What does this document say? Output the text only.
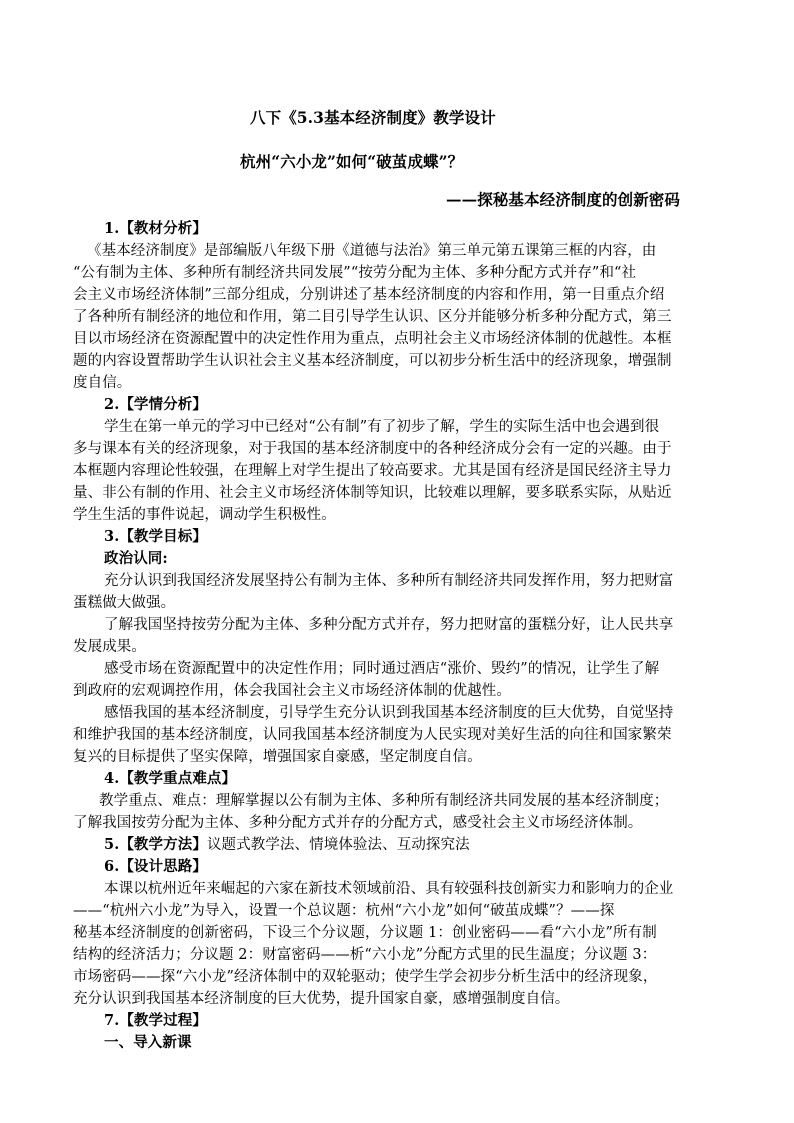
八下《5.3基本经济制度》教学设计
杭州“六小龙”如何“破茧成蝶”？
——探秘基本经济制度的创新密码
1.【教材分析】
《基本经济制度》是部编版八年级下册《道德与法治》第三单元第五课第三框的内容，由
“公有制为主体、多种所有制经济共同发展”“按劳分配为主体、多种分配方式并存”和“社
会主义市场经济体制”三部分组成，分别讲述了基本经济制度的内容和作用，第一目重点介绍
了各种所有制经济的地位和作用，第二目引导学生认识、区分并能够分析多种分配方式，第三
目以市场经济在资源配置中的决定性作用为重点，点明社会主义市场经济体制的优越性。本框
题的内容设置帮助学生认识社会主义基本经济制度，可以初步分析生活中的经济现象，增强制
度自信。
2.【学情分析】
学生在第一单元的学习中已经对“公有制”有了初步了解，学生的实际生活中也会遇到很
多与课本有关的经济现象，对于我国的基本经济制度中的各种经济成分会有一定的兴趣。由于
本框题内容理论性较强，在理解上对学生提出了较高要求。尤其是国有经济是国民经济主导力
量、非公有制的作用、社会主义市场经济体制等知识，比较难以理解，要多联系实际，从贴近
学生生活的事件说起，调动学生积极性。
3.【教学目标】
政治认同:
充分认识到我国经济发展坚持公有制为主体、多种所有制经济共同发挥作用，努力把财富
蛋糕做大做强。
了解我国坚持按劳分配为主体、多种分配方式并存，努力把财富的蛋糕分好，让人民共享
发展成果。
感受市场在资源配置中的决定性作用；同时通过酒店“涨价、毁约”的情况，让学生了解
到政府的宏观调控作用，体会我国社会主义市场经济体制的优越性。
感悟我国的基本经济制度，引导学生充分认识到我国基本经济制度的巨大优势，自觉坚持
和维护我国的基本经济制度，认同我国基本经济制度为人民实现对美好生活的向往和国家繁荣
复兴的目标提供了坚实保障，增强国家自豪感，坚定制度自信。
4.【教学重点难点】
教学重点、难点：理解掌握以公有制为主体、多种所有制经济共同发展的基本经济制度；
了解我国按劳分配为主体、多种分配方式并存的分配方式，感受社会主义市场经济体制。
5.【教学方法】议题式教学法、情境体验法、互动探究法
6.【设计思路】
本课以杭州近年来崛起的六家在新技术领域前沿、具有较强科技创新实力和影响力的企业
——“杭州六小龙”为导入，设置一个总议题：杭州“六小龙”如何“破茧成蝶”？——探
秘基本经济制度的创新密码，下设三个分议题，分议题 1：创业密码——看“六小龙”所有制
结构的经济活力；分议题 2：财富密码——析“六小龙”分配方式里的民生温度；分议题 3：
市场密码——探“六小龙”经济体制中的双轮驱动；使学生学会初步分析生活中的经济现象，
充分认识到我国基本经济制度的巨大优势，提升国家自豪，感增强制度自信。
7.【教学过程】
一、导入新课
